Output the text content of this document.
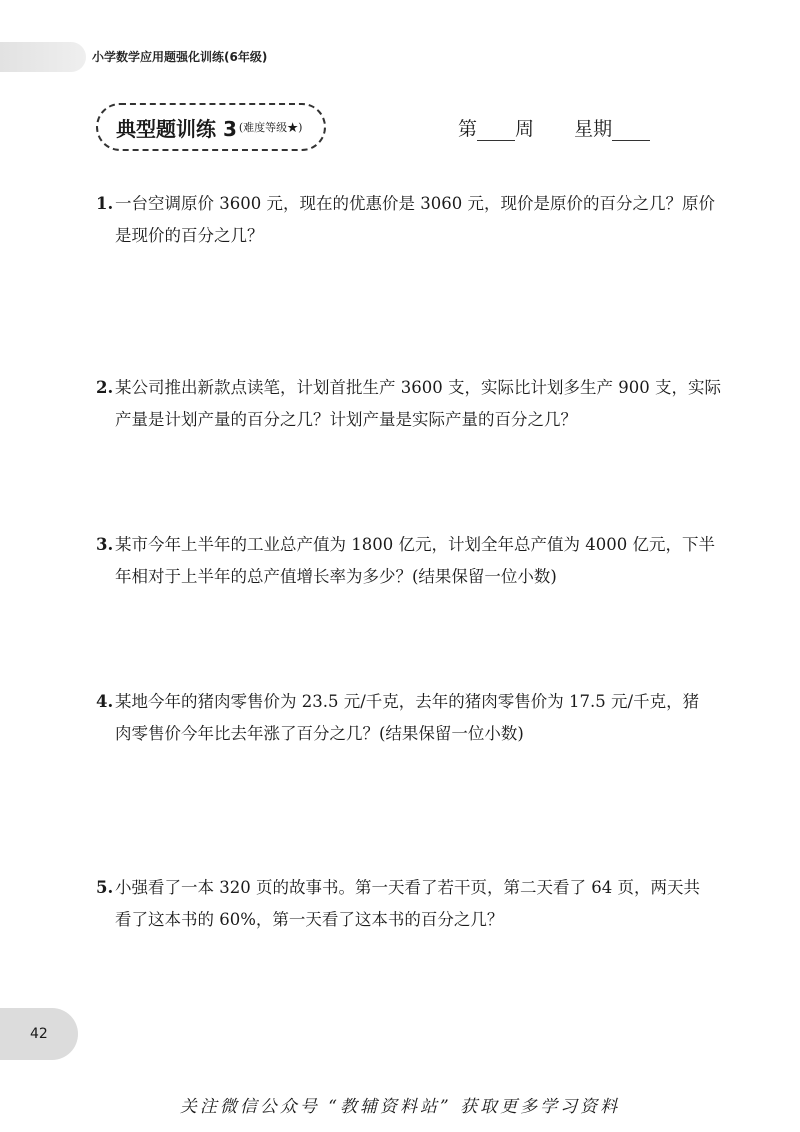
小学数学应用题强化训练(6年级)
典型题训练 3 (难度等级★)	第 周 星期
1. 一台空调原价 3600 元，现在的优惠价是 3060 元，现价是原价的百分之几？原价
是现价的百分之几？
2. 某公司推出新款点读笔，计划首批生产 3600 支，实际比计划多生产 900 支，实际
产量是计划产量的百分之几？计划产量是实际产量的百分之几？
3. 某市今年上半年的工业总产值为 1800 亿元，计划全年总产值为 4000 亿元，下半
年相对于上半年的总产值增长率为多少？(结果保留一位小数)
4. 某地今年的猪肉零售价为 23.5 元/千克，去年的猪肉零售价为 17.5 元/千克，猪
肉零售价今年比去年涨了百分之几？(结果保留一位小数)
5. 小强看了一本 320 页的故事书。第一天看了若干页，第二天看了 64 页，两天共
看了这本书的 60%，第一天看了这本书的百分之几？
42
关注微信公众号 “教辅资料站” 获取更多学习资料
